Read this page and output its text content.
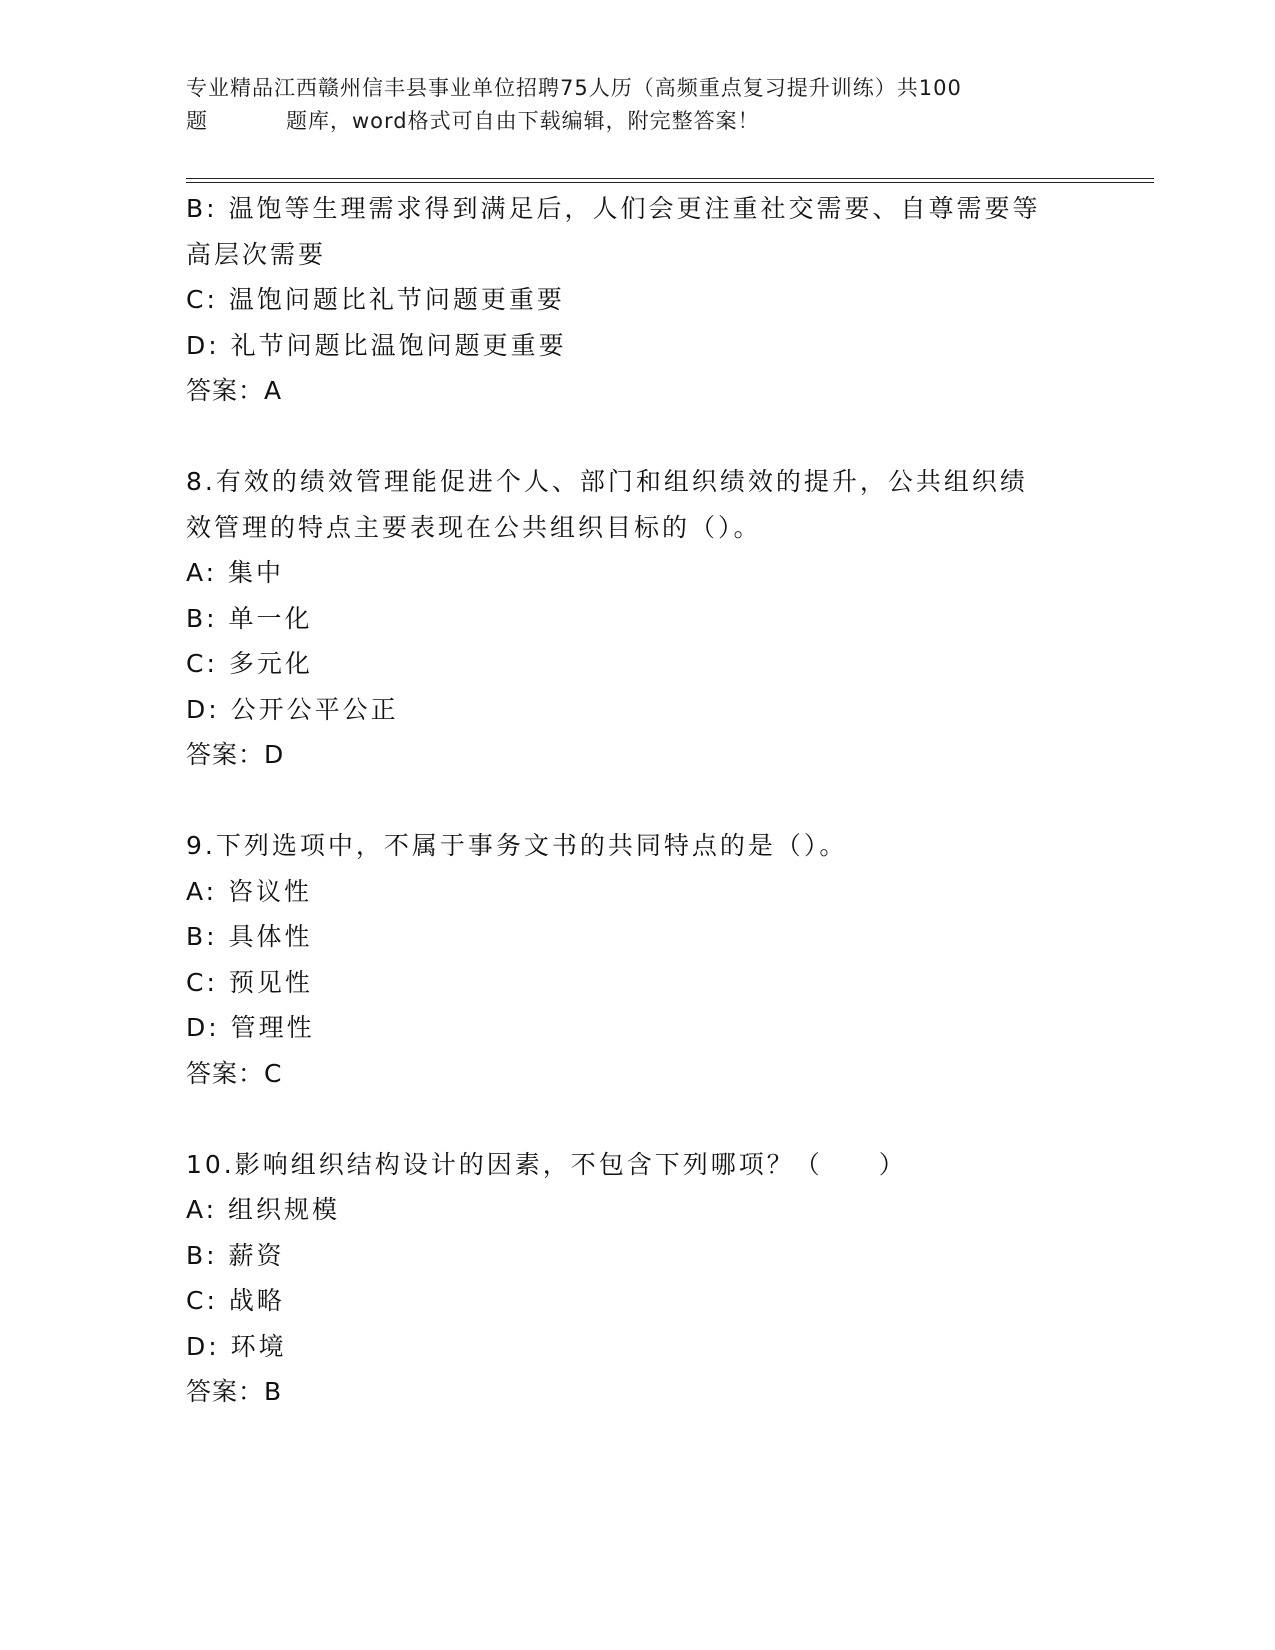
专业精品江西赣州信丰县事业单位招聘75人历（高频重点复习提升训练）共100
题	题库，word格式可自由下载编辑，附完整答案！
B: 温饱等生理需求得到满足后，人们会更注重社交需要、自尊需要等
高层次需要
C: 温饱问题比礼节问题更重要
D: 礼节问题比温饱问题更重要
答案：A
8.有效的绩效管理能促进个人、部门和组织绩效的提升，公共组织绩
效管理的特点主要表现在公共组织目标的（）。
A: 集中
B: 单一化
C: 多元化
D: 公开公平公正
答案：D
9.下列选项中，不属于事务文书的共同特点的是（）。
A: 咨议性
B: 具体性
C: 预见性
D: 管理性
答案：C
10.影响组织结构设计的因素，不包含下列哪项？（　　）
A: 组织规模
B: 薪资
C: 战略
D: 环境
答案：B
